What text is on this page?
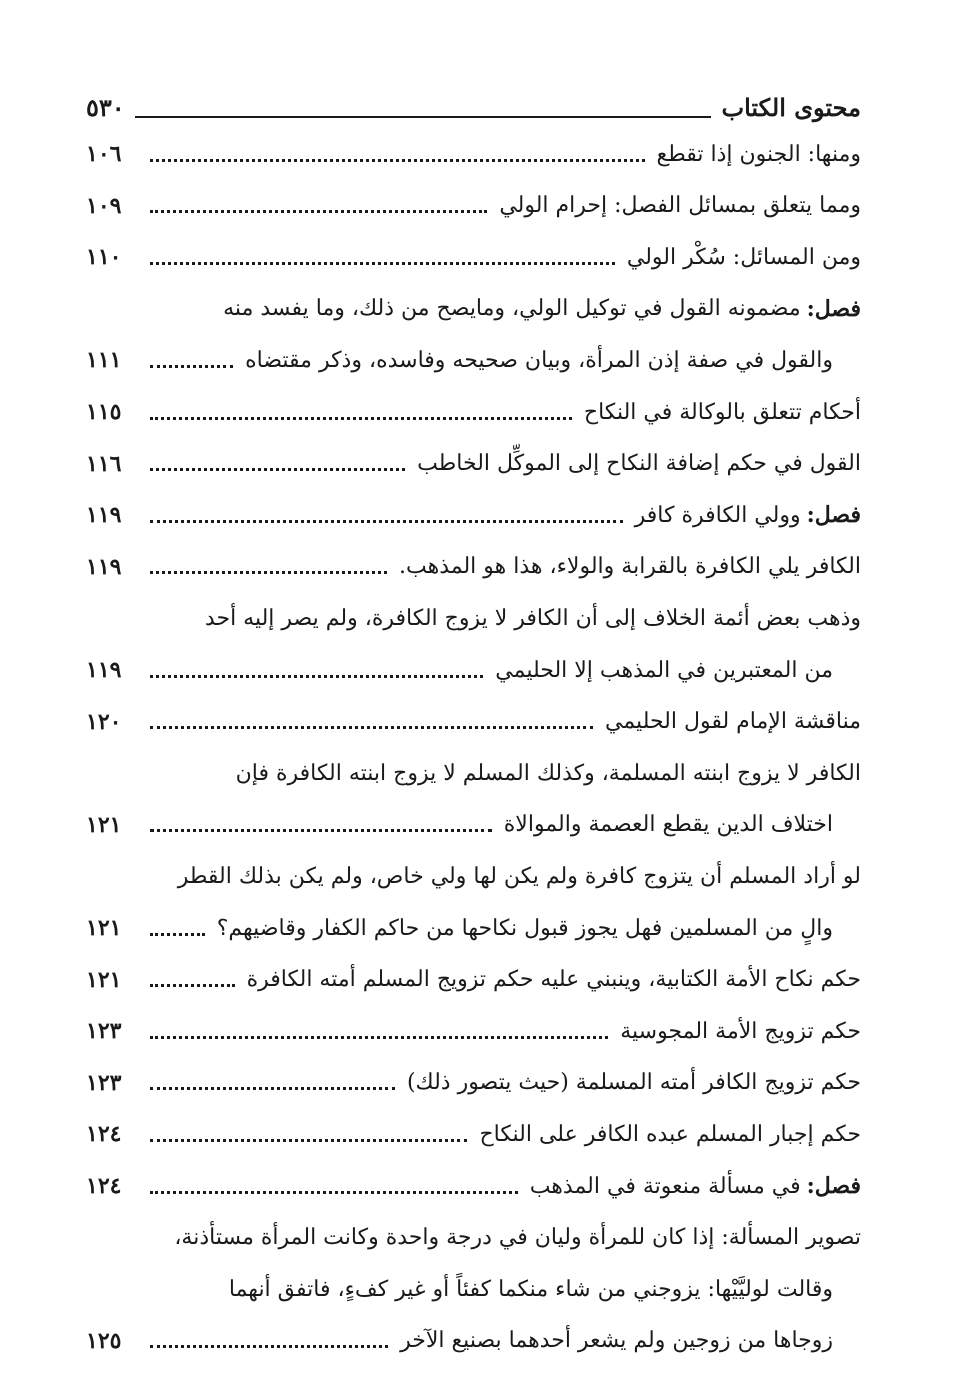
محتوى الكتاب
٥٣٠
ومنها: الجنون إذا تقطع
١٠٦
ومما يتعلق بمسائل الفصل: إحرام الولي
١٠٩
ومن المسائل: سُكْر الولي
١١٠
فصل:
مضمونه القول في توكيل الولي، ومايصح من ذلك، وما يفسد منه
والقول في صفة إذن المرأة، وبيان صحيحه وفاسده، وذكر مقتضاه
١١١
أحكام تتعلق بالوكالة في النكاح
١١٥
القول في حكم إضافة النكاح إلى الموكِّل الخاطب
١١٦
فصل:
وولي الكافرة كافر
١١٩
الكافر يلي الكافرة بالقرابة والولاء، هذا هو المذهب.
١١٩
وذهب بعض أئمة الخلاف إلى أن الكافر لا يزوج الكافرة، ولم يصر إليه أحد
من المعتبرين في المذهب إلا الحليمي
١١٩
مناقشة الإمام لقول الحليمي
١٢٠
الكافر لا يزوج ابنته المسلمة، وكذلك المسلم لا يزوج ابنته الكافرة فإن
اختلاف الدين يقطع العصمة والموالاة
١٢١
لو أراد المسلم أن يتزوج كافرة ولم يكن لها ولي خاص، ولم يكن بذلك القطر
والٍ من المسلمين فهل يجوز قبول نكاحها من حاكم الكفار وقاضيهم؟
١٢١
حكم نكاح الأمة الكتابية، وينبني عليه حكم تزويج المسلم أمته الكافرة
١٢١
حكم تزويج الأمة المجوسية
١٢٣
حكم تزويج الكافر أمته المسلمة (حيث يتصور ذلك)
١٢٣
حكم إجبار المسلم عبده الكافر على النكاح
١٢٤
فصل:
في مسألة منعوتة في المذهب
١٢٤
تصوير المسألة: إذا كان للمرأة وليان في درجة واحدة وكانت المرأة مستأذنة،
وقالت لوليَّيْها: يزوجني من شاء منكما كفئاً أو غير كفءٍ، فاتفق أنهما
زوجاها من زوجين ولم يشعر أحدهما بصنيع الآخر
١٢٥
